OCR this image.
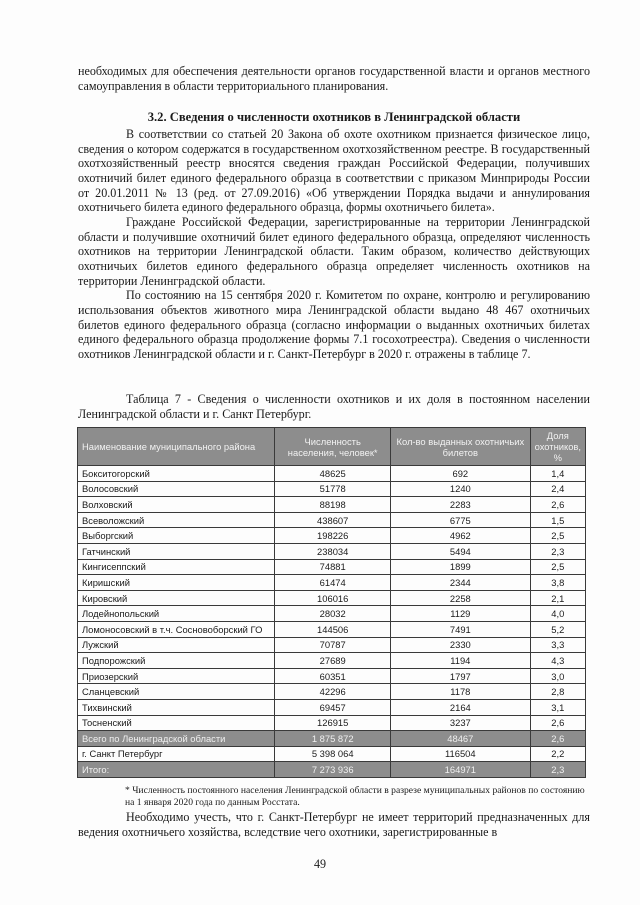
необходимых для обеспечения деятельности органов государственной власти и органов местного самоуправления в области территориального планирования.
3.2. Сведения о численности охотников в Ленинградской области

В соответствии со статьей 20 Закона об охоте охотником признается физическое лицо, сведения о котором содержатся в государственном охотхозяйственном реестре. В государственный охотхозяйственный реестр вносятся сведения граждан Российской Федерации, получивших охотничий билет единого федерального образца в соответствии с приказом Минприроды России от 20.01.2011 № 13 (ред. от 27.09.2016) «Об утверждении Порядка выдачи и аннулирования охотничьего билета единого федерального образца, формы охотничьего билета».

Граждане Российской Федерации, зарегистрированные на территории Ленинградской области и получившие охотничий билет единого федерального образца, определяют численность охотников на территории Ленинградской области. Таким образом, количество действующих охотничьих билетов единого федерального образца определяет численность охотников на территории Ленинградской области.

По состоянию на 15 сентября 2020 г. Комитетом по охране, контролю и регулированию использования объектов животного мира Ленинградской области выдано 48 467 охотничьих билетов единого федерального образца (согласно информации о выданных охотничьих билетах единого федерального образца продолжение формы 7.1 госохотреестра). Сведения о численности охотников Ленинградской области и г. Санкт-Петербург в 2020 г. отражены в таблице 7.

Таблица 7 - Сведения о численности охотников и их доля в постоянном населении Ленинградской области и г. Санкт Петербург.
Наименование муниципального района	Численность населения, человек*	Кол-во выданных охотничьих билетов	Доля охотников, %
Бокситогорский	48625	692	1,4
Волосовский	51778	1240	2,4
Волховский	88198	2283	2,6
Всеволожский	438607	6775	1,5
Выборгский	198226	4962	2,5
Гатчинский	238034	5494	2,3
Кингисеппский	74881	1899	2,5
Киришский	61474	2344	3,8
Кировский	106016	2258	2,1
Лодейнопольский	28032	1129	4,0
Ломоносовский в т.ч. Сосновоборский ГО	144506	7491	5,2
Лужский	70787	2330	3,3
Подпорожский	27689	1194	4,3
Приозерский	60351	1797	3,0
Сланцевский	42296	1178	2,8
Тихвинский	69457	2164	3,1
Тосненский	126915	3237	2,6
Всего по Ленинградской области	1 875 872	48467	2,6
г. Санкт Петербург	5 398 064	116504	2,2
Итого:	7 273 936	164971	2,3
* Численность постоянного населения Ленинградской области в разрезе муниципальных районов по состоянию на 1 января 2020 года по данным Росстата.

Необходимо учесть, что г. Санкт-Петербург не имеет территорий предназначенных для ведения охотничьего хозяйства, вследствие чего охотники, зарегистрированные в

49
